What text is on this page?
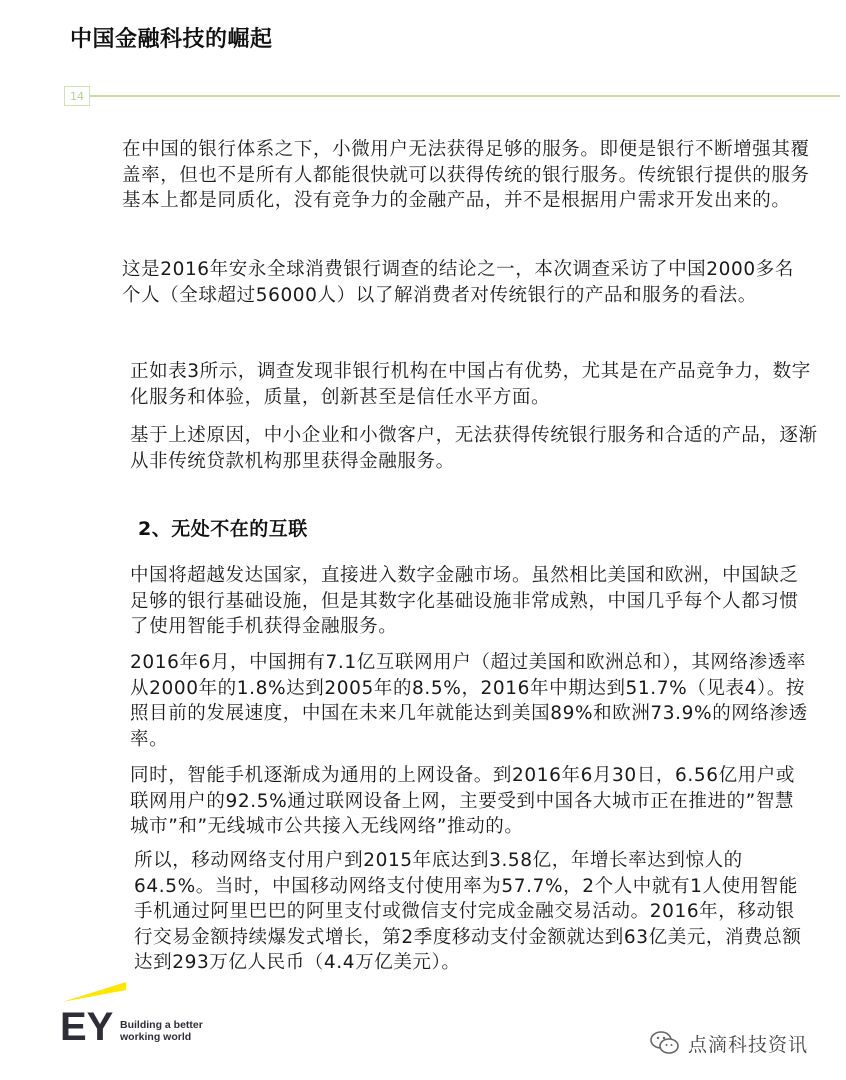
中国金融科技的崛起
14

在中国的银行体系之下，小微用户无法获得足够的服务。即便是银行不断增强其覆盖率，但也不是所有人都能很快就可以获得传统的银行服务。传统银行提供的服务基本上都是同质化，没有竞争力的金融产品，并不是根据用户需求开发出来的。

这是2016年安永全球消费银行调查的结论之一，本次调查采访了中国2000多名个人（全球超过56000人）以了解消费者对传统银行的产品和服务的看法。

正如表3所示，调查发现非银行机构在中国占有优势，尤其是在产品竞争力，数字化服务和体验，质量，创新甚至是信任水平方面。

基于上述原因，中小企业和小微客户，无法获得传统银行服务和合适的产品，逐渐从非传统贷款机构那里获得金融服务。

2、无处不在的互联

中国将超越发达国家，直接进入数字金融市场。虽然相比美国和欧洲，中国缺乏足够的银行基础设施，但是其数字化基础设施非常成熟，中国几乎每个人都习惯了使用智能手机获得金融服务。

2016年6月，中国拥有7.1亿互联网用户（超过美国和欧洲总和），其网络渗透率从2000年的1.8%达到2005年的8.5%，2016年中期达到51.7%（见表4）。按照目前的发展速度，中国在未来几年就能达到美国89%和欧洲73.9%的网络渗透率。

同时，智能手机逐渐成为通用的上网设备。到2016年6月30日，6.56亿用户或联网用户的92.5%通过联网设备上网，主要受到中国各大城市正在推进的”智慧城市”和”无线城市公共接入无线网络”推动的。

所以，移动网络支付用户到2015年底达到3.58亿，年增长率达到惊人的64.5%。当时，中国移动网络支付使用率为57.7%，2个人中就有1人使用智能手机通过阿里巴巴的阿里支付或微信支付完成金融交易活动。2016年，移动银行交易金额持续爆发式增长，第2季度移动支付金额就达到63亿美元，消费总额达到293万亿人民币（4.4万亿美元）。

EY Building a better
working world	点滴科技资讯
